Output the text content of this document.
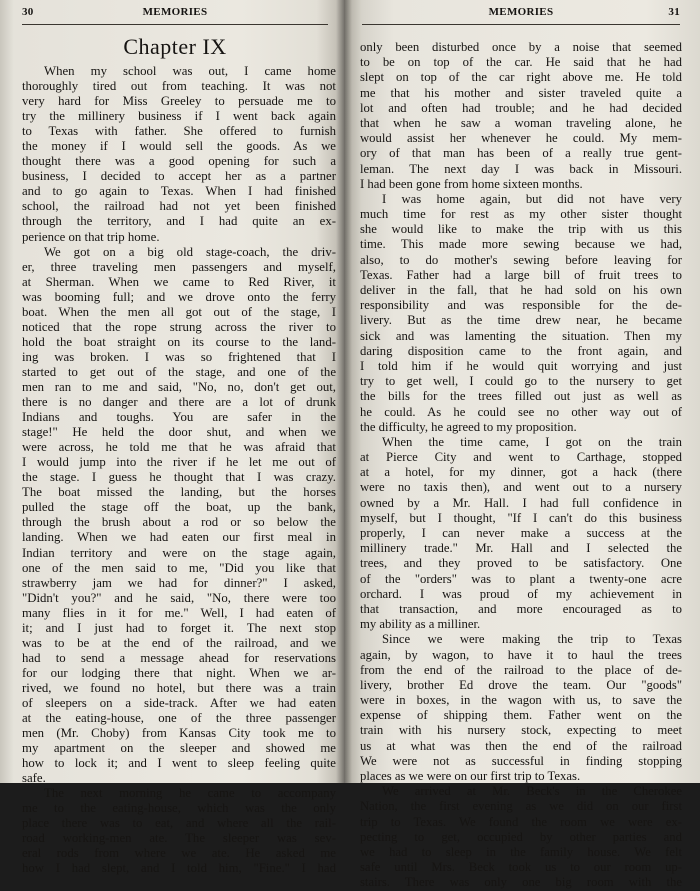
30	MEMORIES
Chapter IX
When my school was out, I came home
thoroughly tired out from teaching. It was not
very hard for Miss Greeley to persuade me to
try the millinery business if I went back again
to Texas with father. She offered to furnish
the money if I would sell the goods. As we
thought there was a good opening for such a
business, I decided to accept her as a partner
and to go again to Texas. When I had finished
school, the railroad had not yet been finished
through the territory, and I had quite an ex-
perience on that trip home.
We got on a big old stage-coach, the driv-
er, three traveling men passengers and myself,
at Sherman. When we came to Red River, it
was booming full; and we drove onto the ferry
boat. When the men all got out of the stage, I
noticed that the rope strung across the river to
hold the boat straight on its course to the land-
ing was broken. I was so frightened that I
started to get out of the stage, and one of the
men ran to me and said, "No, no, don't get out,
there is no danger and there are a lot of drunk
Indians and toughs. You are safer in the
stage!" He held the door shut, and when we
were across, he told me that he was afraid that
I would jump into the river if he let me out of
the stage. I guess he thought that I was crazy.
The boat missed the landing, but the horses
pulled the stage off the boat, up the bank,
through the brush about a rod or so below the
landing. When we had eaten our first meal in
Indian territory and were on the stage again,
one of the men said to me, "Did you like that
strawberry jam we had for dinner?" I asked,
"Didn't you?" and he said, "No, there were too
many flies in it for me." Well, I had eaten of
it; and I just had to forget it. The next stop
was to be at the end of the railroad, and we
had to send a message ahead for reservations
for our lodging there that night. When we ar-
rived, we found no hotel, but there was a train
of sleepers on a side-track. After we had eaten
at the eating-house, one of the three passenger
men (Mr. Choby) from Kansas City took me to
my apartment on the sleeper and showed me
how to lock it; and I went to sleep feeling quite
safe.
The next morning he came to accompany
me to the eating-house, which was the only
place there was to eat, and where all the rail-
road working-men ate. The sleeper was sev-
eral rods from where we ate. He asked me
how I had slept, and I told him, "Fine." I had
31
MEMORIES
only been disturbed once by a noise that seemed
to be on top of the car. He said that he had
slept on top of the car right above me. He told
me that his mother and sister traveled quite a
lot and often had trouble; and he had decided
that when he saw a woman traveling alone, he
would assist her whenever he could. My mem-
ory of that man has been of a really true gent-
leman. The next day I was back in Missouri.
I had been gone from home sixteen months.
I was home again, but did not have very
much time for rest as my other sister thought
she would like to make the trip with us this
time. This made more sewing because we had,
also, to do mother's sewing before leaving for
Texas. Father had a large bill of fruit trees to
deliver in the fall, that he had sold on his own
responsibility and was responsible for the de-
livery. But as the time drew near, he became
sick and was lamenting the situation. Then my
daring disposition came to the front again, and
I told him if he would quit worrying and just
try to get well, I could go to the nursery to get
the bills for the trees filled out just as well as
he could. As he could see no other way out of
the difficulty, he agreed to my proposition.
When the time came, I got on the train
at Pierce City and went to Carthage, stopped
at a hotel, for my dinner, got a hack (there
were no taxis then), and went out to a nursery
owned by a Mr. Hall. I had full confidence in
myself, but I thought, "If I can't do this business
properly, I can never make a success at the
millinery trade." Mr. Hall and I selected the
trees, and they proved to be satisfactory. One
of the "orders" was to plant a twenty-one acre
orchard. I was proud of my achievement in
that transaction, and more encouraged as to
my ability as a milliner.
Since we were making the trip to Texas
again, by wagon, to have it to haul the trees
from the end of the railroad to the place of de-
livery, brother Ed drove the team. Our "goods"
were in boxes, in the wagon with us, to save the
expense of shipping them. Father went on the
train with his nursery stock, expecting to meet
us at what was then the end of the railroad
We were not as successful in finding stopping
places as we were on our first trip to Texas.
We arrived at Mr. Beck's in the Cherokee
Nation, the first evening as we did on our first
trip to Texas. We found the room we were ex-
pecting to get, occupied by other parties and
we had to sleep in the family house. We felt
safe until Mrs. Beck took us to our room up-
stairs. There was only one big room with the
